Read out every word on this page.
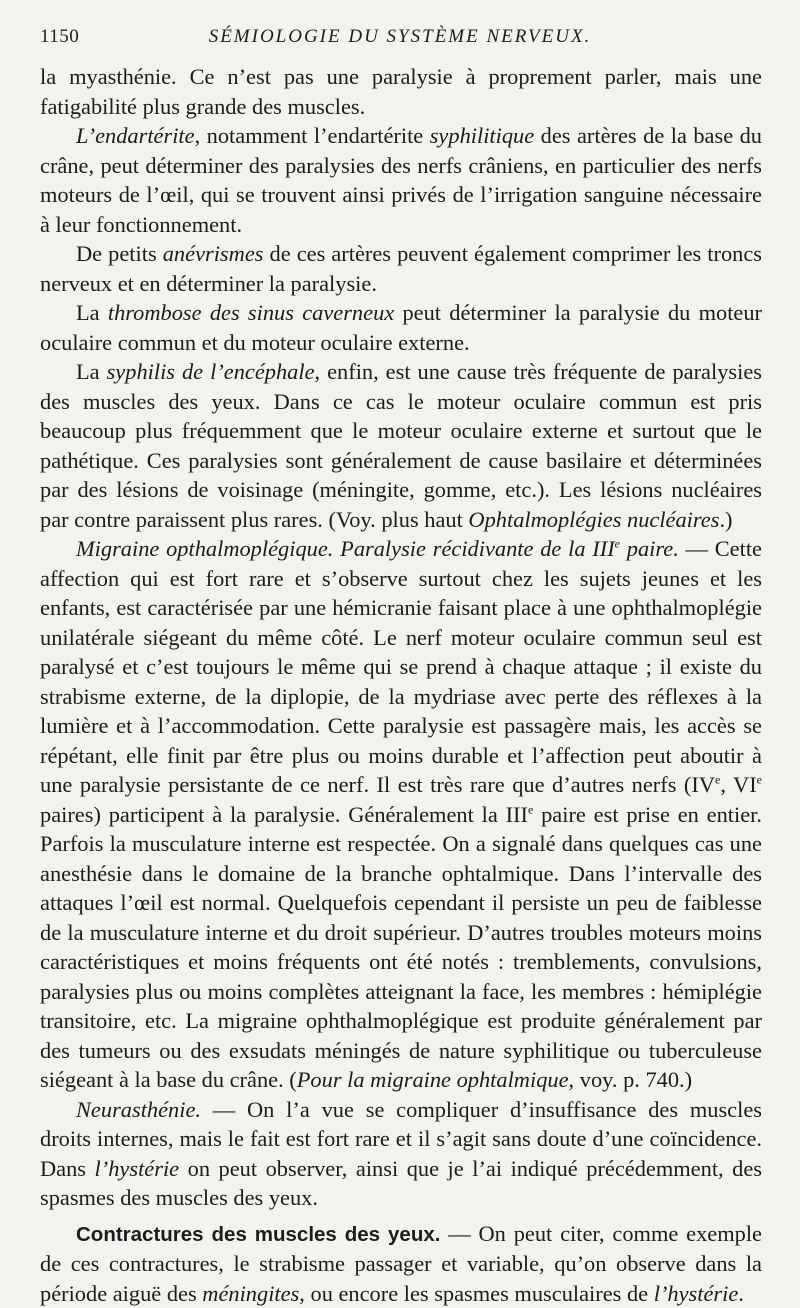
1150	SÉMIOLOGIE DU SYSTÈME NERVEUX.

la myasthénie. Ce n’est pas une paralysie à proprement parler, mais une fatigabilité plus grande des muscles.

L’endartérite, notamment l’endartérite syphilitique des artères de la base du crâne, peut déterminer des paralysies des nerfs crâniens, en particulier des nerfs moteurs de l’œil, qui se trouvent ainsi privés de l’irrigation sanguine nécessaire à leur fonctionnement.

De petits anévrismes de ces artères peuvent également comprimer les troncs nerveux et en déterminer la paralysie.

La thrombose des sinus caverneux peut déterminer la paralysie du moteur oculaire commun et du moteur oculaire externe.

La syphilis de l’encéphale, enfin, est une cause très fréquente de paralysies des muscles des yeux. Dans ce cas le moteur oculaire commun est pris beaucoup plus fréquemment que le moteur oculaire externe et surtout que le pathétique. Ces paralysies sont généralement de cause basilaire et déterminées par des lésions de voisinage (méningite, gomme, etc.). Les lésions nucléaires par contre paraissent plus rares. (Voy. plus haut Ophtalmoplégies nucléaires.)

Migraine opthalmoplégique. Paralysie récidivante de la IIIe paire. — Cette affection qui est fort rare et s’observe surtout chez les sujets jeunes et les enfants, est caractérisée par une hémicranie faisant place à une ophthalmoplégie unilatérale siégeant du même côté. Le nerf moteur oculaire commun seul est paralysé et c’est toujours le même qui se prend à chaque attaque ; il existe du strabisme externe, de la diplopie, de la mydriase avec perte des réflexes à la lumière et à l’accommodation. Cette paralysie est passagère mais, les accès se répétant, elle finit par être plus ou moins durable et l’affection peut aboutir à une paralysie persistante de ce nerf. Il est très rare que d’autres nerfs (IVe, VIe paires) participent à la paralysie. Généralement la IIIe paire est prise en entier. Parfois la musculature interne est respectée. On a signalé dans quelques cas une anesthésie dans le domaine de la branche ophtalmique. Dans l’intervalle des attaques l’œil est normal. Quelquefois cependant il persiste un peu de faiblesse de la musculature interne et du droit supérieur. D’autres troubles moteurs moins caractéristiques et moins fréquents ont été notés : tremblements, convulsions, paralysies plus ou moins complètes atteignant la face, les membres : hémiplégie transitoire, etc. La migraine ophthalmoplégique est produite généralement par des tumeurs ou des exsudats méningés de nature syphilitique ou tuberculeuse siégeant à la base du crâne. (Pour la migraine ophtalmique, voy. p. 740.)

Neurasthénie. — On l’a vue se compliquer d’insuffisance des muscles droits internes, mais le fait est fort rare et il s’agit sans doute d’une coïncidence. Dans l’hystérie on peut observer, ainsi que je l’ai indiqué précédemment, des spasmes des muscles des yeux.

Contractures des muscles des yeux. — On peut citer, comme exemple de ces contractures, le strabisme passager et variable, qu’on observe dans la période aiguë des méningites, ou encore les spasmes musculaires de l’hystérie.
